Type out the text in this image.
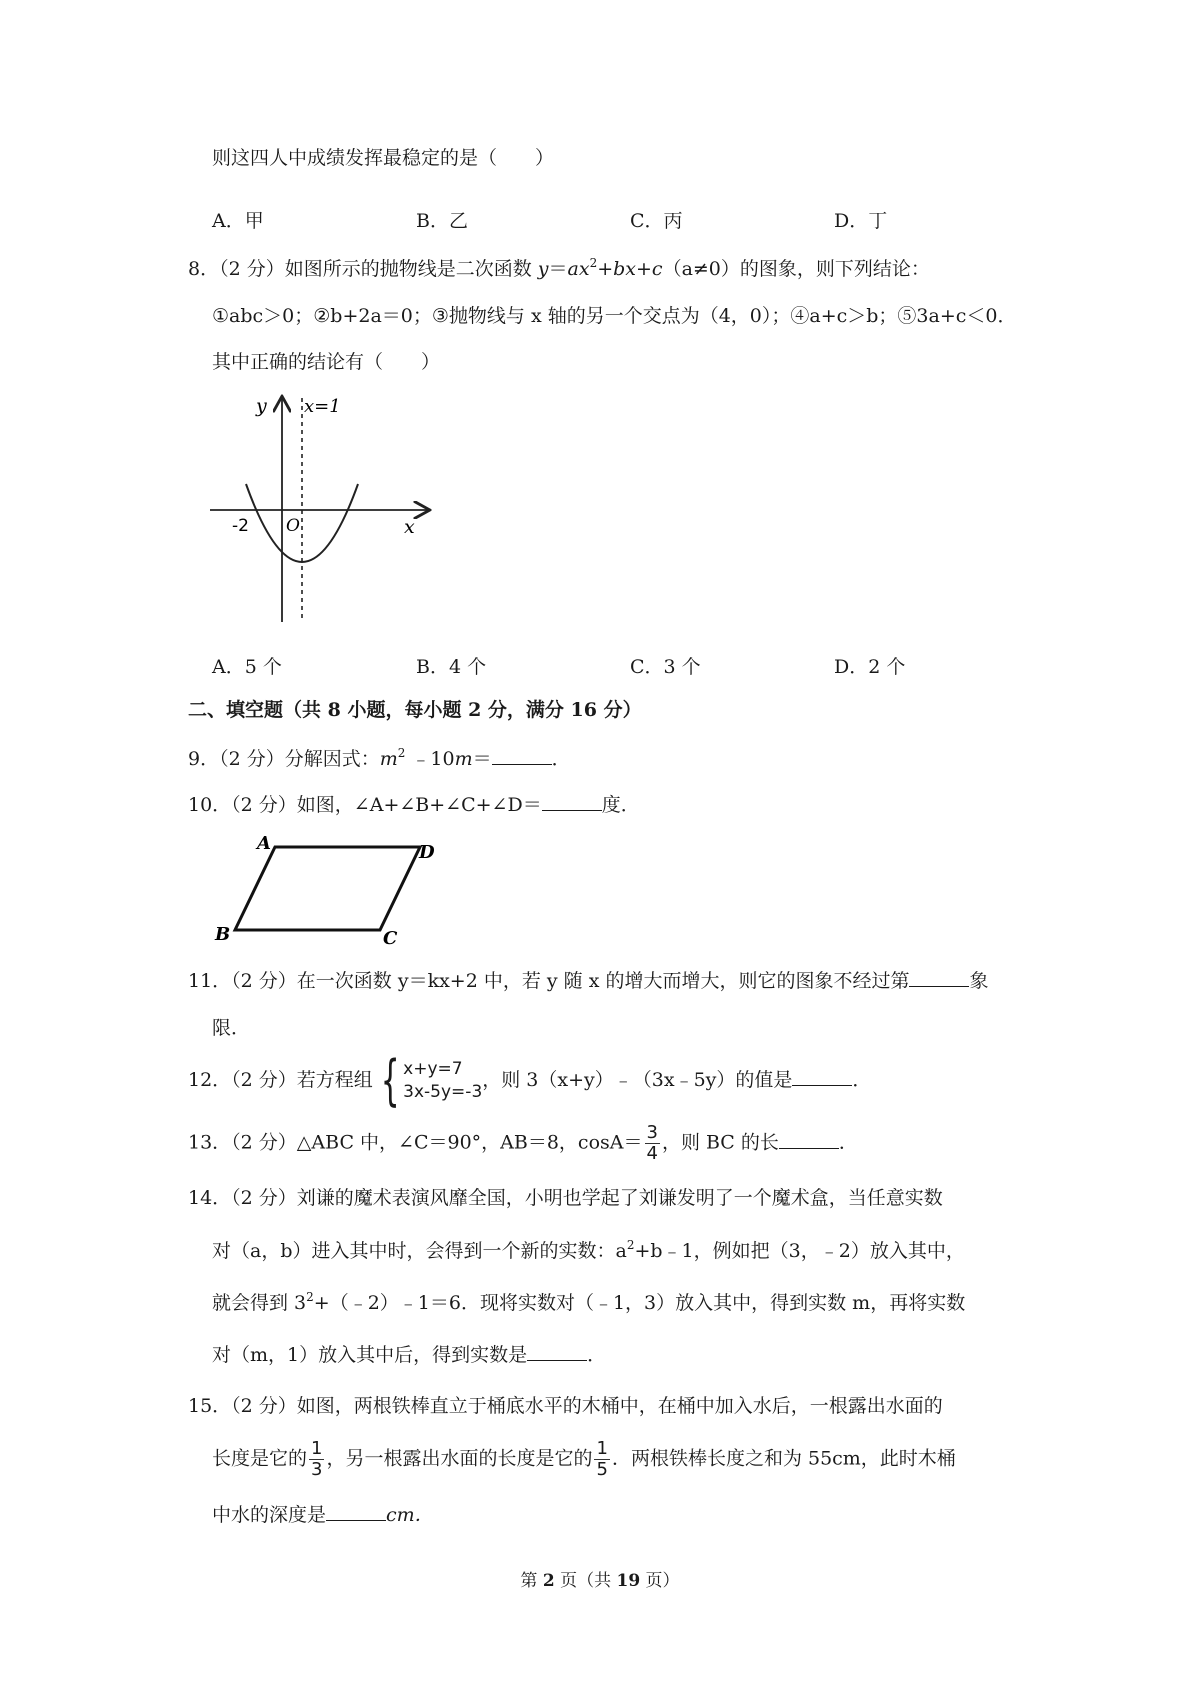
则这四人中成绩发挥最稳定的是（　　）
A．甲	B．乙	C．丙	D．丁
8．（2 分）如图所示的抛物线是二次函数 $y=ax^2+bx+c(a\ne 0)$的图象，则下列结论：
①abc＞0；②b+2a＝0；③抛物线与 x 轴的另一个交点为（4，0）；④a+c＞b；⑤3a+c＜0．
其中正确的结论有（　　）
y x=1
-2 O	x
A．5 个	B．4 个	C．3 个	D．2 个
二、填空题（共 8 小题，每小题 2 分，满分 16 分）
9．（2 分）分解因式：$m^2$ ﹣10m＝	．
10．（2 分）如图，∠A+∠B+∠C+∠D＝	度．
A	D
B	C
11．（2 分）在一次函数 y＝kx+2 中，若 y 随 x 的增大而增大，则它的图象不经过第	象
限．
12．（2 分）若方程组 { x+y=7
3x-5y=-3
，则 3（x+y）﹣（3x﹣5y）的值是	．
13．（2 分）△ABC 中，∠C＝90°，AB＝8，$\cos A= \frac{3}{4}$ ，则 BC 的长	．
14．（2 分）刘谦的魔术表演风靡全国，小明也学起了刘谦发明了一个魔术盒，当任意实数
对（a，b）进入其中时，会得到一个新的实数：$a^2+b﹣1$，例如把（3，﹣2）放入其中，
就会得到 $3^2+(﹣2)﹣1=6$．现将实数对（﹣1，3）放入其中，得到实数 m，再将实数
对（m，1）放入其中后，得到实数是	．
15．（2 分）如图，两根铁棒直立于桶底水平的木桶中，在桶中加入水后，一根露出水面的
长度是它的 $\frac{1}{3}$ ，另一根露出水面的长度是它的 $\frac{1}{5}$ ．两根铁棒长度之和为 55cm，此时木桶
中水的深度是	cm．
第 2 页（共 19 页）
